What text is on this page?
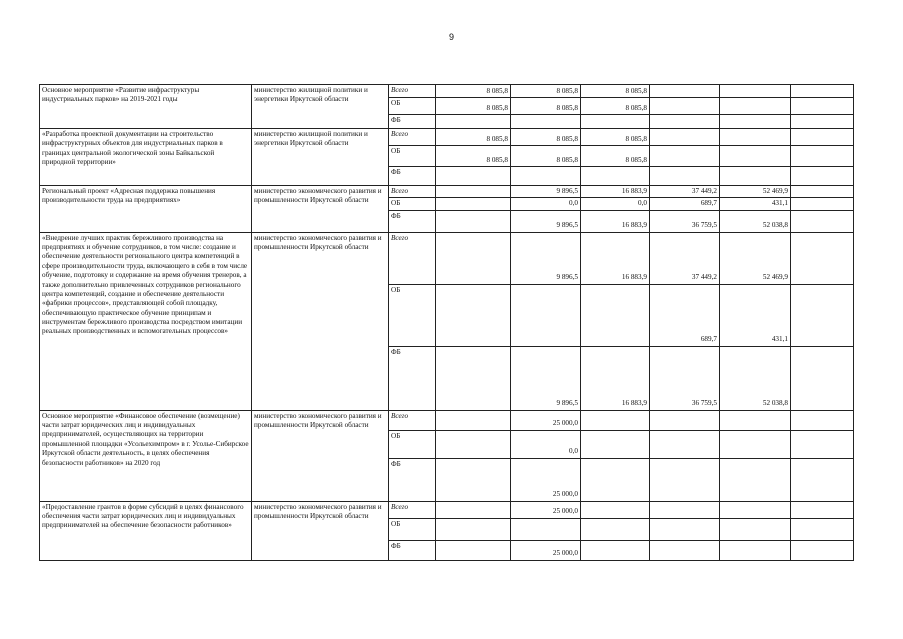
9
Основное мероприятие «Развитие инфраструктуры индустриальных парков» на 2019-2021 годы	министерство жилищной политики и энергетики Иркутской области	Всего	8 085,8	8 085,8	8 085,8			
		ОБ	8 085,8	8 085,8	8 085,8			
		ФБ						
«Разработка проектной документации на строительство инфраструктурных объектов для индустриальных парков в границах центральной экологической зоны Байкальской природной территории»	министерство жилищной политики и энергетики Иркутской области	Всего	8 085,8	8 085,8	8 085,8			
		ОБ	8 085,8	8 085,8	8 085,8			
		ФБ						
Региональный проект «Адресная поддержка повышения производительности труда на предприятиях»	министерство экономического развития и промышленности Иркутской области	Всего		9 896,5	16 883,9	37 449,2	52 469,9	
		ОБ		0,0	0,0	689,7	431,1	
		ФБ		9 896,5	16 883,9	36 759,5	52 038,8	
«Внедрение лучших практик бережливого производства на предприятиях и обучение сотрудников, в том числе: создание и обеспечение деятельности регионального центра компетенций в сфере производительности труда, включающего в себя в том числе обучение, подготовку и содержание на время обучения тренеров, а также дополнительно привлеченных сотрудников регионального центра компетенций, создание и обеспечение деятельности «фабрики процессов», представляющей собой площадку, обеспечивающую практическое обучение принципам и инструментам бережливого производства посредством имитации реальных производственных и вспомогательных процессов»	министерство экономического развития и промышленности Иркутской области	Всего		9 896,5	16 883,9	37 449,2	52 469,9	
		ОБ				689,7	431,1	
		ФБ		9 896,5	16 883,9	36 759,5	52 038,8	
Основное мероприятие «Финансовое обеспечение (возмещение) части затрат юридических лиц и индивидуальных предпринимателей, осуществляющих на территории промышленной площадки «Усольехимпром» в г. Усолье-Сибирское Иркутской области деятельность, в целях обеспечения безопасности работников» на 2020 год	министерство экономического развития и промышленности Иркутской области	Всего		25 000,0				
		ОБ		0,0				
		ФБ		25 000,0				
«Предоставление грантов в форме субсидий в целях финансового обеспечения части затрат юридических лиц и индивидуальных предпринимателей на обеспечение безопасности работников»	министерство экономического развития и промышленности Иркутской области	Всего		25 000,0				
		ОБ						
		ФБ		25 000,0				
